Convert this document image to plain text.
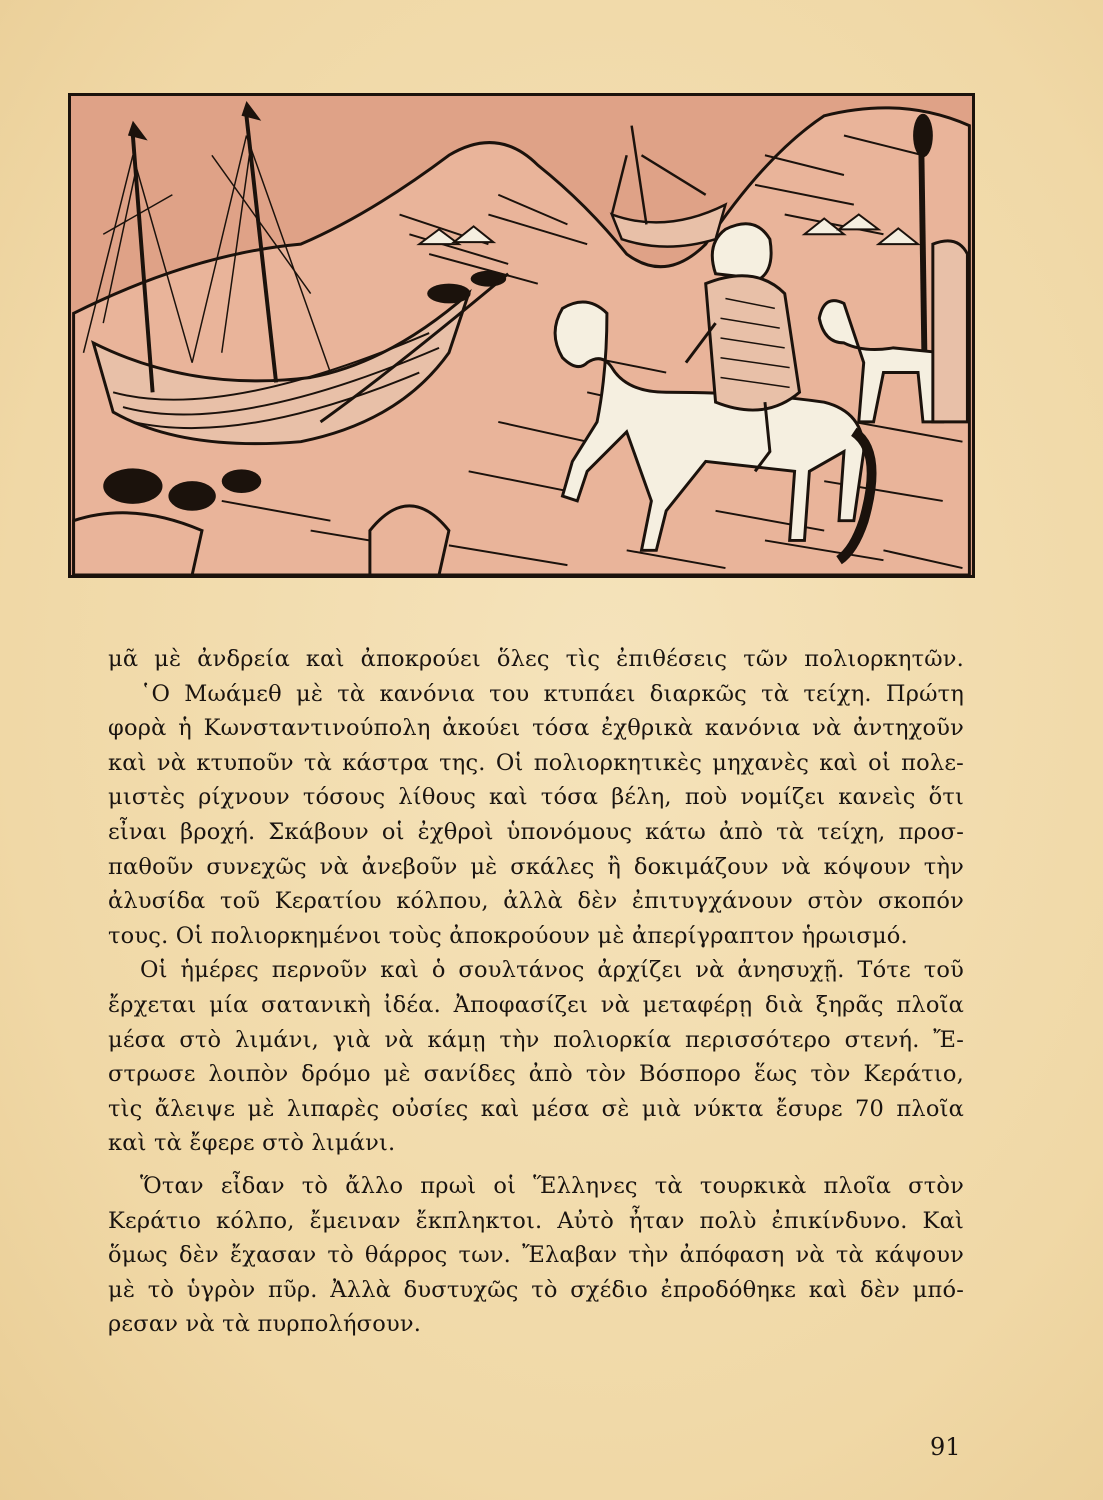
μᾶ μὲ ἀνδρεία καὶ ἀποκρούει ὅλες τὶς ἐπιθέσεις τῶν πολιορκητῶν.
῾Ο Μωάμεθ μὲ τὰ κανόνια του κτυπάει διαρκῶς τὰ τείχη. Πρώτη
φορὰ ἡ Κωνσταντινούπολη ἀκούει τόσα ἐχθρικὰ κανόνια νὰ ἀντηχοῦν
καὶ νὰ κτυποῦν τὰ κάστρα της. Οἱ πολιορκητικὲς μηχανὲς καὶ οἱ πολε-
μιστὲς ρίχνουν τόσους λίθους καὶ τόσα βέλη, ποὺ νομίζει κανεὶς ὅτι
εἶναι βροχή. Σκάβουν οἱ ἐχθροὶ ὑπονόμους κάτω ἀπὸ τὰ τείχη, προσ-
παθοῦν συνεχῶς νὰ ἀνεβοῦν μὲ σκάλες ἢ δοκιμάζουν νὰ κόψουν τὴν
ἀλυσίδα τοῦ Κερατίου κόλπου, ἀλλὰ δὲν ἐπιτυγχάνουν στὸν σκοπόν
τους. Οἱ πολιορκημένοι τοὺς ἀποκρούουν μὲ ἀπερίγραπτον ἡρωισμό.
Οἱ ἡμέρες περνοῦν καὶ ὁ σουλτάνος ἀρχίζει νὰ ἀνησυχῇ. Τότε τοῦ
ἔρχεται μία σατανικὴ ἰδέα. Ἀποφασίζει νὰ μεταφέρῃ διὰ ξηρᾶς πλοῖα
μέσα στὸ λιμάνι, γιὰ νὰ κάμῃ τὴν πολιορκία περισσότερο στενή. Ἔ-
στρωσε λοιπὸν δρόμο μὲ σανίδες ἀπὸ τὸν Βόσπορο ἕως τὸν Κεράτιο,
τὶς ἄλειψε μὲ λιπαρὲς οὐσίες καὶ μέσα σὲ μιὰ νύκτα ἔσυρε 70 πλοῖα
καὶ τὰ ἔφερε στὸ λιμάνι.
Ὅταν εἶδαν τὸ ἄλλο πρωὶ οἱ Ἕλληνες τὰ τουρκικὰ πλοῖα στὸν
Κεράτιο κόλπο, ἔμειναν ἔκπληκτοι. Αὐτὸ ἦταν πολὺ ἐπικίνδυνο. Καὶ
ὅμως δὲν ἔχασαν τὸ θάρρος των. Ἔλαβαν τὴν ἀπόφαση νὰ τὰ κάψουν
μὲ τὸ ὑγρὸν πῦρ. Ἀλλὰ δυστυχῶς τὸ σχέδιο ἐπροδόθηκε καὶ δὲν μπό-
ρεσαν νὰ τὰ πυρπολήσουν.
91
